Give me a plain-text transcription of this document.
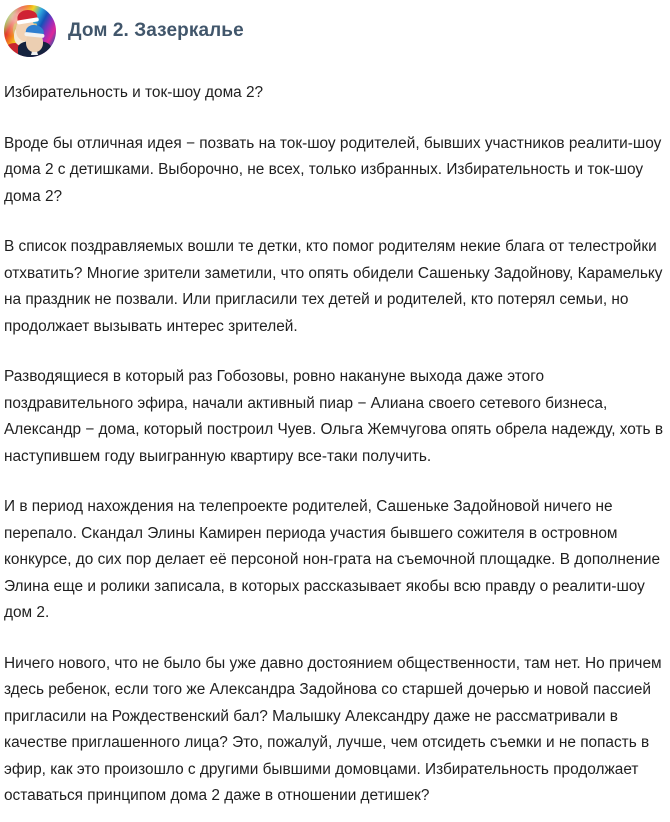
Дом 2. Зазеркалье

Избирательность и ток-шоу дома 2?

Вроде бы отличная идея − позвать на ток-шоу родителей, бывших участников реалити-шоу дома 2 с детишками. Выборочно, не всех, только избранных. Избирательность и ток-шоу дома 2?

В список поздравляемых вошли те детки, кто помог родителям некие блага от телестройки отхватить? Многие зрители заметили, что опять обидели Сашеньку Задойнову, Карамельку на праздник не позвали. Или пригласили тех детей и родителей, кто потерял семьи, но продолжает вызывать интерес зрителей.

Разводящиеся в который раз Гобозовы, ровно накануне выхода даже этого поздравительного эфира, начали активный пиар − Алиана своего сетевого бизнеса, Александр − дома, который построил Чуев. Ольга Жемчугова опять обрела надежду, хоть в наступившем году выигранную квартиру все-таки получить.

И в период нахождения на телепроекте родителей, Сашеньке Задойновой ничего не перепало. Скандал Элины Камирен периода участия бывшего сожителя в островном конкурсе, до сих пор делает её персоной нон-грата на съемочной площадке. В дополнение Элина еще и ролики записала, в которых рассказывает якобы всю правду о реалити-шоу дом 2.

Ничего нового, что не было бы уже давно достоянием общественности, там нет. Но причем здесь ребенок, если того же Александра Задойнова со старшей дочерью и новой пассией пригласили на Рождественский бал? Малышку Александру даже не рассматривали в качестве приглашенного лица? Это, пожалуй, лучше, чем отсидеть съемки и не попасть в эфир, как это произошло с другими бывшими домовцами. Избирательность продолжает оставаться принципом дома 2 даже в отношении детишек?
